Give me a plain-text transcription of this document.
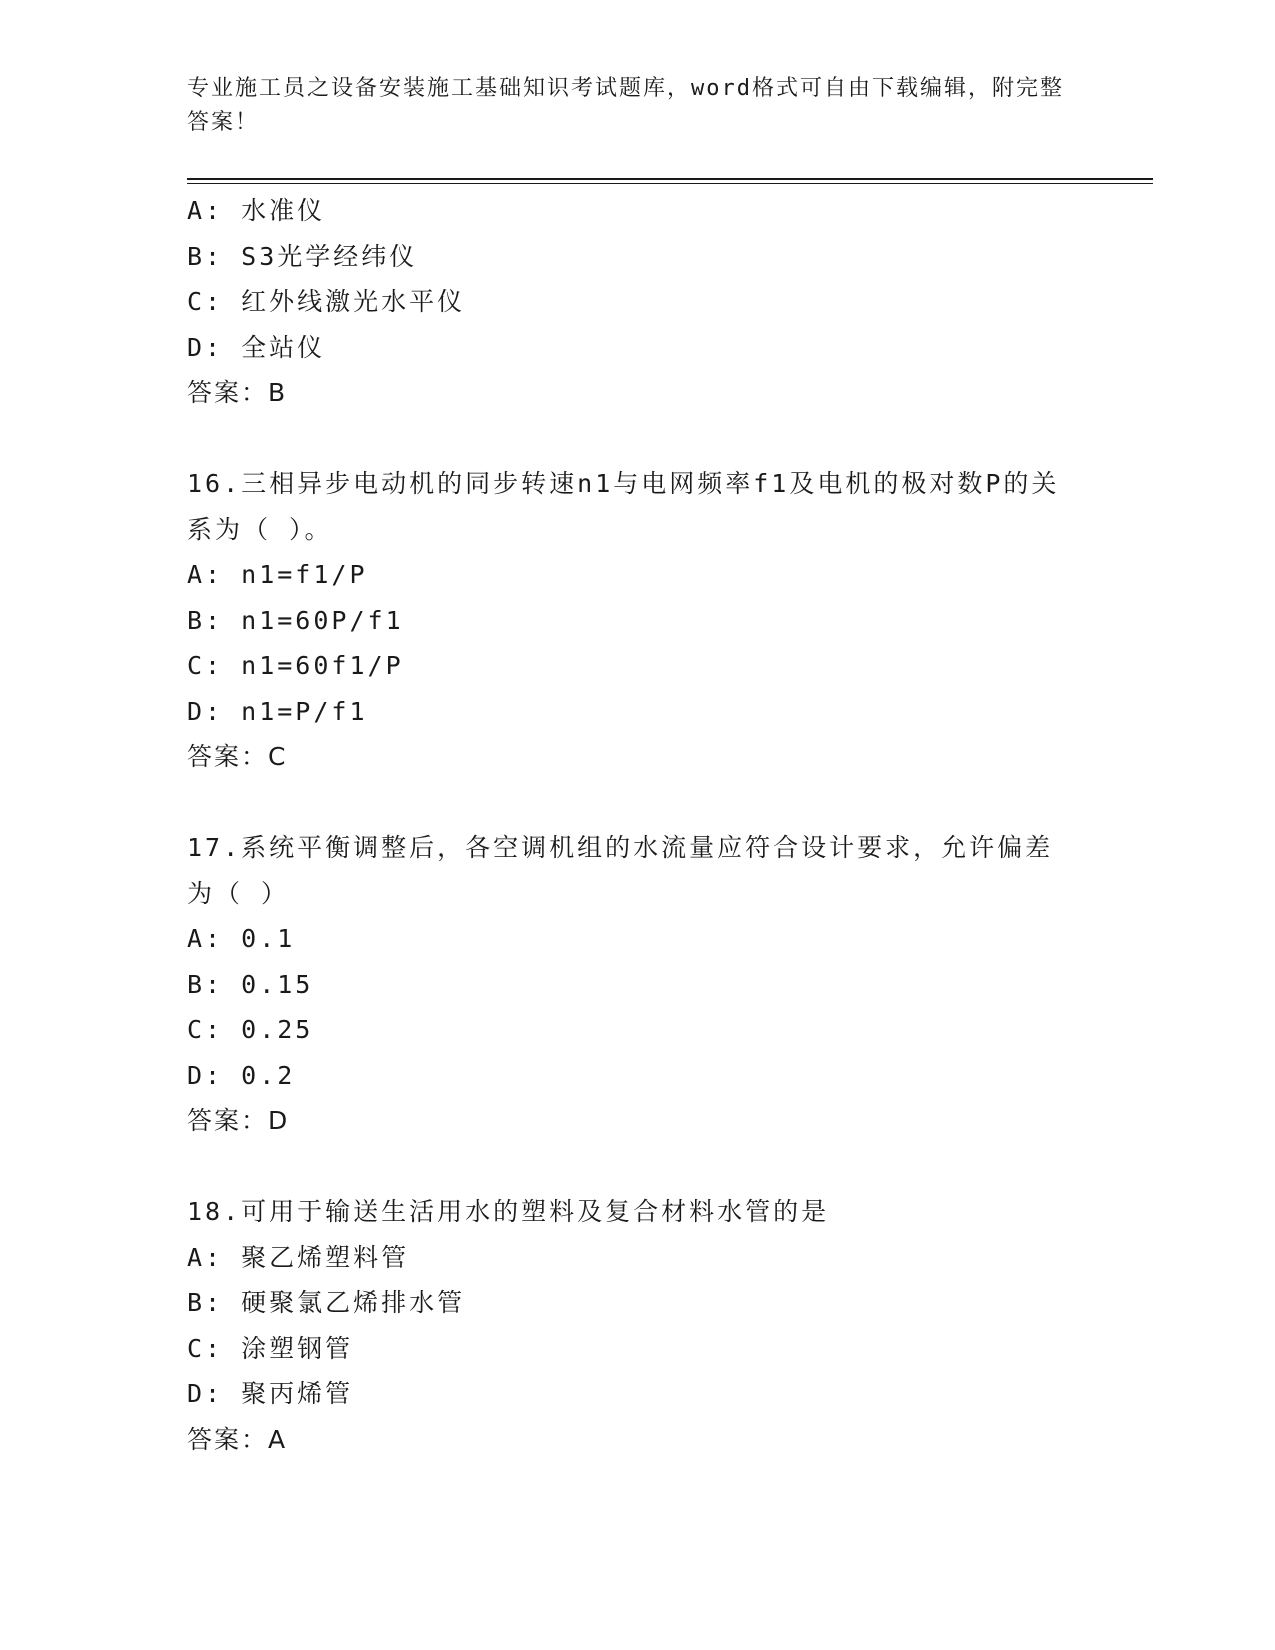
专业施工员之设备安装施工基础知识考试题库，word格式可自由下载编辑，附完整答案！
A: 水准仪
B: S3光学经纬仪
C: 红外线激光水平仪
D: 全站仪
答案：B
16.三相异步电动机的同步转速n1与电网频率f1及电机的极对数P的关系为（ ）。
A: n1=f1/P
B: n1=60P/f1
C: n1=60f1/P
D: n1=P/f1
答案：C
17.系统平衡调整后，各空调机组的水流量应符合设计要求，允许偏差为（ ）
A: 0.1
B: 0.15
C: 0.25
D: 0.2
答案：D
18.可用于输送生活用水的塑料及复合材料水管的是
A: 聚乙烯塑料管
B: 硬聚氯乙烯排水管
C: 涂塑钢管
D: 聚丙烯管
答案：A
